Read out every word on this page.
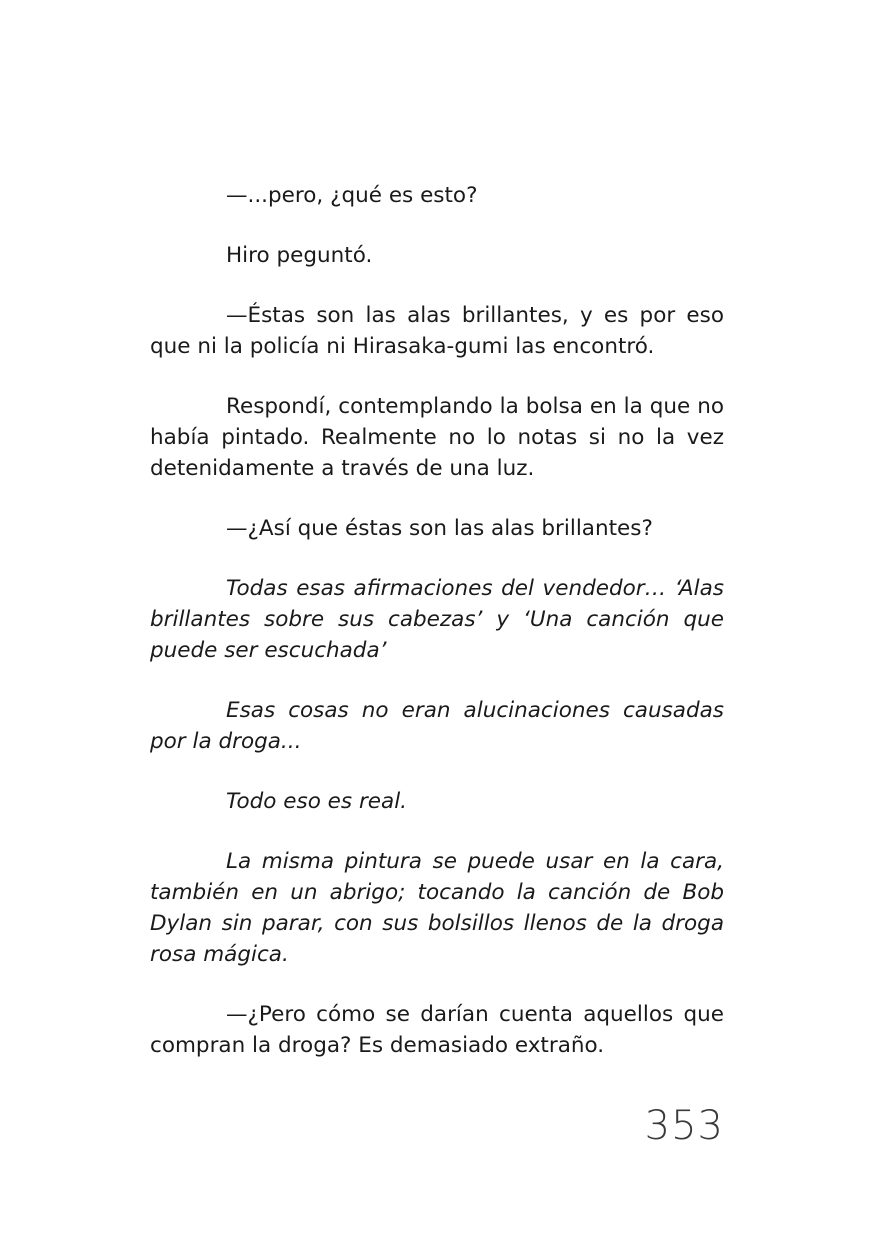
—...pero, ¿qué es esto?

Hiro peguntó.

—Éstas son las alas brillantes, y es por eso que ni la policía ni Hirasaka-gumi las encontró.

Respondí, contemplando la bolsa en la que no había pintado. Realmente no lo notas si no la vez detenidamente a través de una luz.

—¿Así que éstas son las alas brillantes?

Todas esas afirmaciones del vendedor… ‘Alas brillantes sobre sus cabezas’ y ‘Una canción que puede ser escuchada’

Esas cosas no eran alucinaciones causadas por la droga...

Todo eso es real.

La misma pintura se puede usar en la cara, también en un abrigo; tocando la canción de Bob Dylan sin parar, con sus bolsillos llenos de la droga rosa mágica.

—¿Pero cómo se darían cuenta aquellos que compran la droga? Es demasiado extraño.

353
